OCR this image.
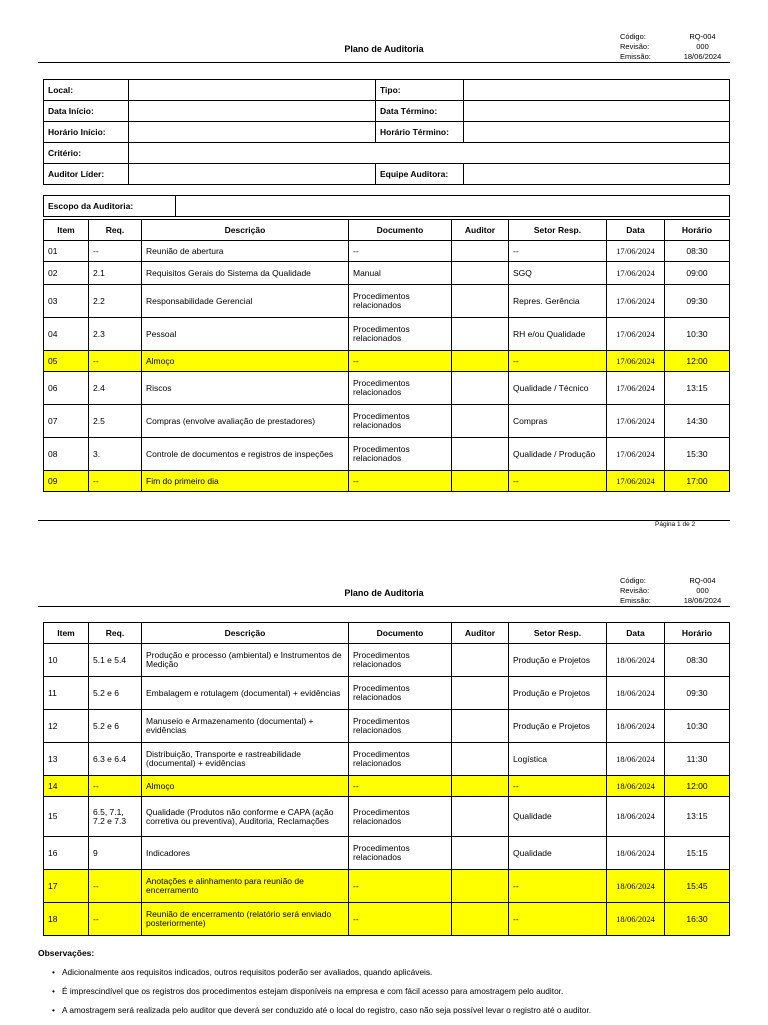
Plano de Auditoria
Código:	RQ-004
Revisão:	000
Emissão:	18/06/2024
Local:		Tipo:	
Data Início:		Data Término:	
Horário Início:		Horário Término:	
Critério:			
Auditor Líder:		Equipe Auditora:	
Escopo da Auditoria:	
Item	Req.	Descrição	Documento	Auditor	Setor Resp.	Data	Horário
01	--	Reunião de abertura	--		--	17/06/2024	08:30
02	2.1	Requisitos Gerais do Sistema da Qualidade	Manual		SGQ	17/06/2024	09:00
03	2.2	Responsabilidade Gerencial	Procedimentos relacionados		Repres. Gerência	17/06/2024	09:30
04	2.3	Pessoal	Procedimentos relacionados		RH e/ou Qualidade	17/06/2024	10:30
05	--	Almoço	--		--	17/06/2024	12:00
06	2.4	Riscos	Procedimentos relacionados		Qualidade / Técnico	17/06/2024	13:15
07	2.5	Compras (envolve avaliação de prestadores)	Procedimentos relacionados		Compras	17/06/2024	14:30
08	3.	Controle de documentos e registros de inspeções	Procedimentos relacionados		Qualidade / Produção	17/06/2024	15:30
09	--	Fim do primeiro dia	--		--	17/06/2024	17:00
Página 1 de 2
Plano de Auditoria
Código:	RQ-004
Revisão:	000
Emissão:	18/06/2024
Item	Req.	Descrição	Documento	Auditor	Setor Resp.	Data	Horário
10	5.1 e 5.4	Produção e processo (ambiental) e Instrumentos de Medição	Procedimentos relacionados		Produção e Projetos	18/06/2024	08:30
11	5.2 e 6	Embalagem e rotulagem (documental) + evidências	Procedimentos relacionados		Produção e Projetos	18/06/2024	09:30
12	5.2 e 6	Manuseio e Armazenamento (documental) + evidências	Procedimentos relacionados		Produção e Projetos	18/06/2024	10:30
13	6.3 e 6.4	Distribuição, Transporte e rastreabilidade (documental) + evidências	Procedimentos relacionados		Logística	18/06/2024	11:30
14	--	Almoço	--		--	18/06/2024	12:00
15	6.5, 7.1, 7.2 e 7.3	Qualidade (Produtos não conforme e CAPA (ação corretiva ou preventiva), Auditoria, Reclamações	Procedimentos relacionados		Qualidade	18/06/2024	13:15
16	9	Indicadores	Procedimentos relacionados		Qualidade	18/06/2024	15:15
17	--	Anotações e alinhamento para reunião de encerramento	--		--	18/06/2024	15:45
18	--	Reunião de encerramento (relatório será enviado posteriormente)	--		--	18/06/2024	16:30
Observações:
• Adicionalmente aos requisitos indicados, outros requisitos poderão ser avaliados, quando aplicáveis.
• É imprescindível que os registros dos procedimentos estejam disponíveis na empresa e com fácil acesso para amostragem pelo auditor.
• A amostragem será realizada pelo auditor que deverá ser conduzido até o local do registro, caso não seja possível levar o registro até o auditor.
